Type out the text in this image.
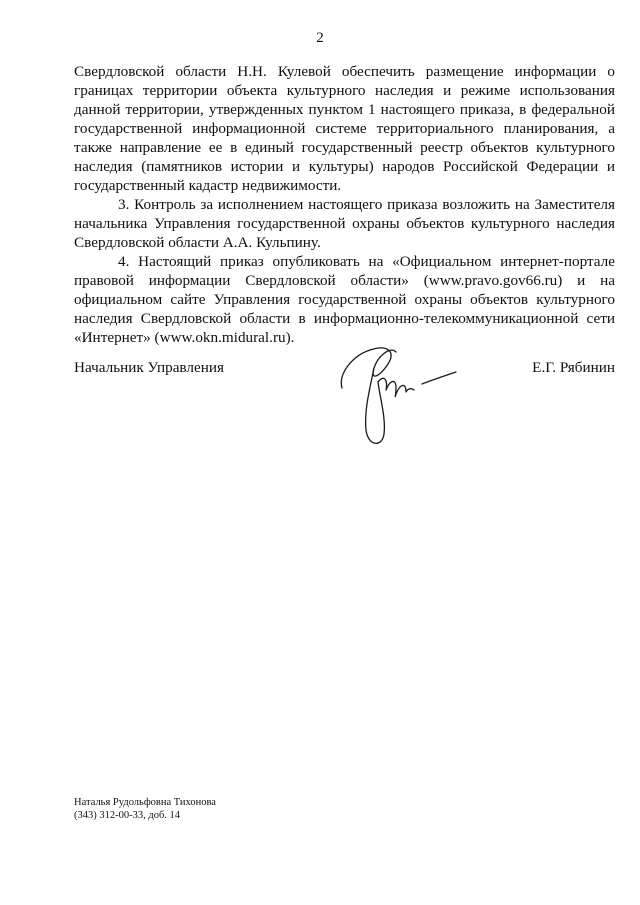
2

Свердловской области Н.Н. Кулевой обеспечить размещение информации о границах территории объекта культурного наследия и режиме использования данной территории, утвержденных пунктом 1 настоящего приказа, в федеральной государственной информационной системе территориального планирования, а также направление ее в единый государственный реестр объектов культурного наследия (памятников истории и культуры) народов Российской Федерации и государственный кадастр недвижимости.

3. Контроль за исполнением настоящего приказа возложить на Заместителя начальника Управления государственной охраны объектов культурного наследия Свердловской области А.А. Кульпину.

4. Настоящий приказ опубликовать на «Официальном интернет-портале правовой информации Свердловской области» (www.pravo.gov66.ru) и на официальном сайте Управления государственной охраны объектов культурного наследия Свердловской области в информационно-телекоммуникационной сети «Интернет» (www.okn.midural.ru).

Начальник Управления	Е.Г. Рябинин
Наталья Рудольфовна Тихонова
(343) 312-00-33, доб. 14
